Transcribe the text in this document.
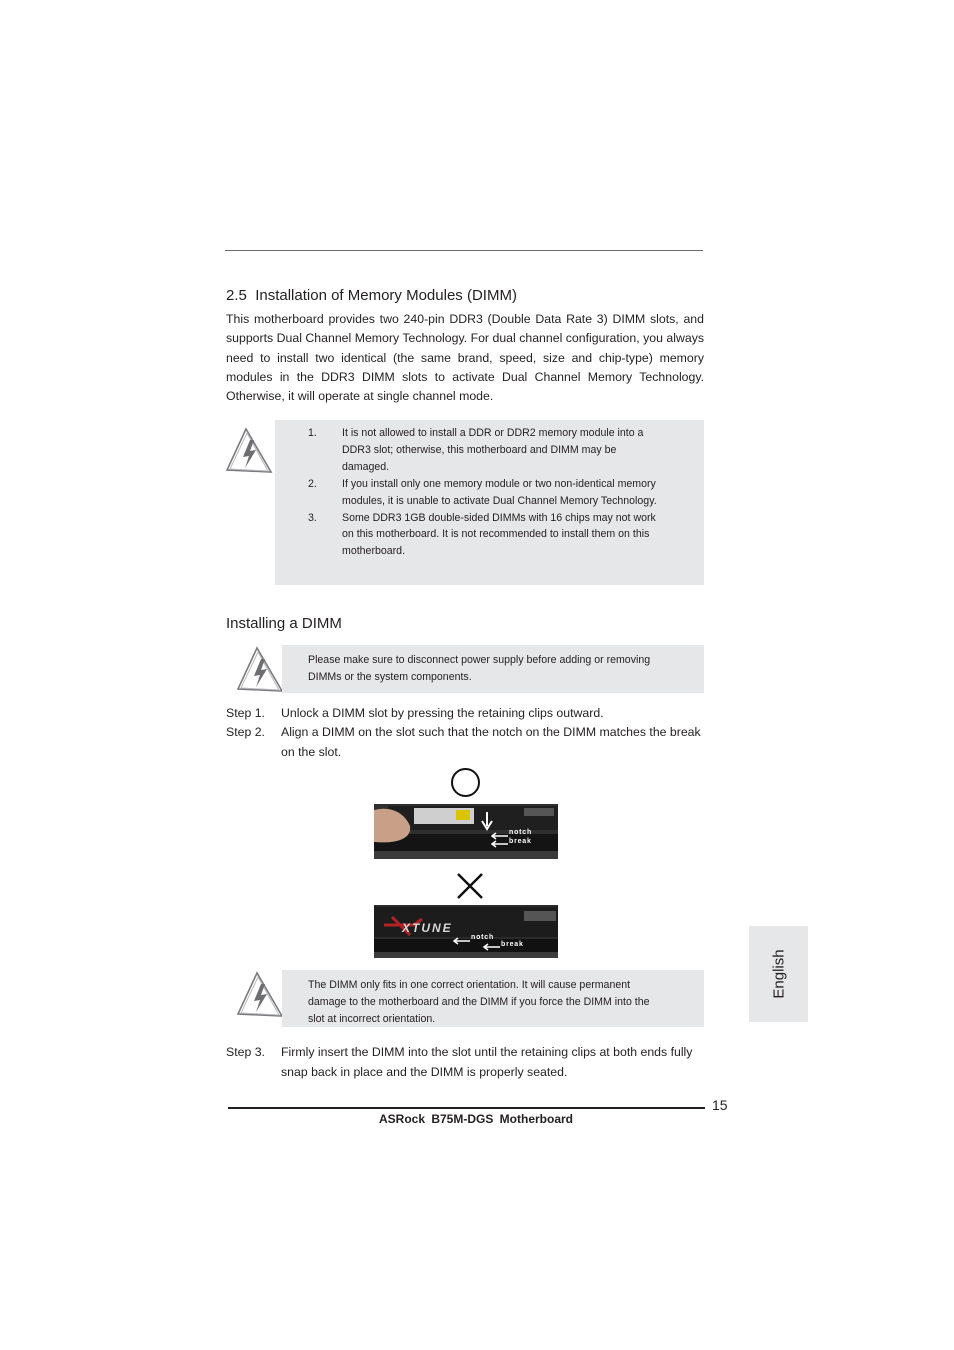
2.5 Installation of Memory Modules (DIMM)
This motherboard provides two 240-pin DDR3 (Double Data Rate 3) DIMM slots, and supports Dual Channel Memory Technology. For dual channel configuration, you always need to install two identical (the same brand, speed, size and chip-type) memory modules in the DDR3 DIMM slots to activate Dual Channel Memory Technology. Otherwise, it will operate at single channel mode.
1. It is not allowed to install a DDR or DDR2 memory module into a DDR3 slot; otherwise, this motherboard and DIMM may be damaged.
2. If you install only one memory module or two non-identical memory modules, it is unable to activate Dual Channel Memory Technology.
3. Some DDR3 1GB double-sided DIMMs with 16 chips may not work on this motherboard. It is not recommended to install them on this motherboard.
Installing a DIMM
Please make sure to disconnect power supply before adding or removing DIMMs or the system components.
Step 1. Unlock a DIMM slot by pressing the retaining clips outward.
Step 2. Align a DIMM on the slot such that the notch on the DIMM matches the break on the slot.
notch
break
XTUNE
notch
break
The DIMM only fits in one correct orientation. It will cause permanent damage to the motherboard and the DIMM if you force the DIMM into the slot at incorrect orientation.
Step 3. Firmly insert the DIMM into the slot until the retaining clips at both ends fully snap back in place and the DIMM is properly seated.
English
15
ASRock B75M-DGS Motherboard
